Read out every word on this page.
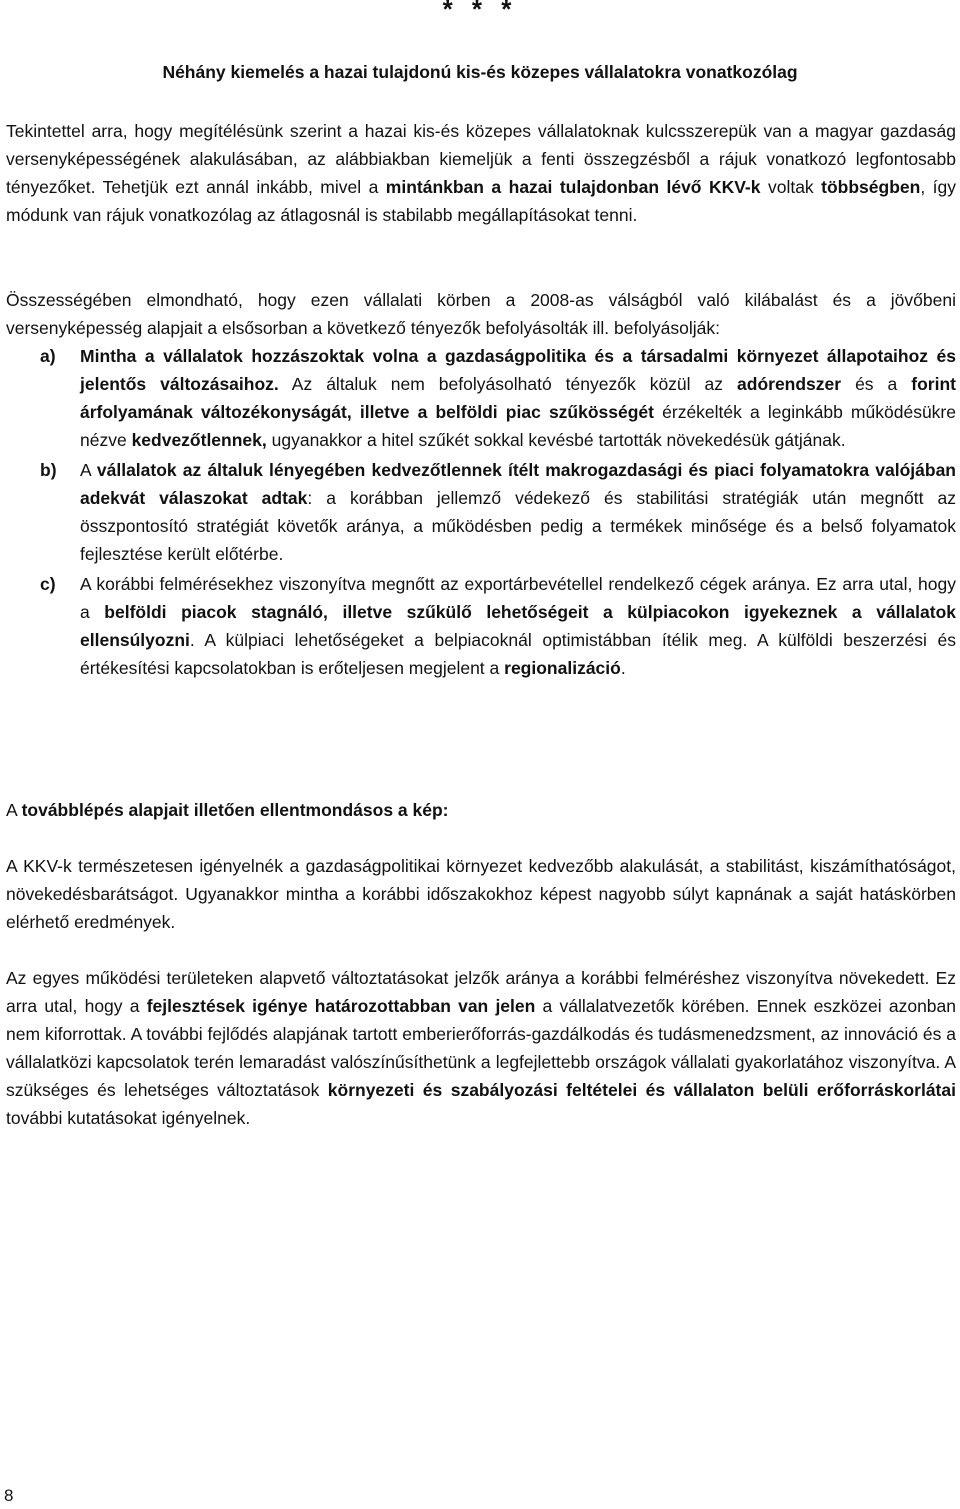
* * *
Néhány kiemelés a hazai tulajdonú kis-és közepes vállalatokra vonatkozólag

Tekintettel arra, hogy megítélésünk szerint a hazai kis-és közepes vállalatoknak kulcsszerepük van a magyar gazdaság versenyképességének alakulásában, az alábbiakban kiemeljük a fenti összegzésből a rájuk vonatkozó legfontosabb tényezőket. Tehetjük ezt annál inkább, mivel a mintánkban a hazai tulajdonban lévő KKV-k voltak többségben, így módunk van rájuk vonatkozólag az átlagosnál is stabilabb megállapításokat tenni.

Összességében elmondható, hogy ezen vállalati körben a 2008-as válságból való kilábalást és a jövőbeni versenyképesség alapjait a elsősorban a következő tényezők befolyásolták ill. befolyásolják:

a) Mintha a vállalatok hozzászoktak volna a gazdaságpolitika és a társadalmi környezet állapotaihoz és jelentős változásaihoz. Az általuk nem befolyásolható tényezők közül az adórendszer és a forint árfolyamának változékonyságát, illetve a belföldi piac szűkösségét érzékelték a leginkább működésükre nézve kedvezőtlennek, ugyanakkor a hitel szűkét sokkal kevésbé tartották növekedésük gátjának.
b) A vállalatok az általuk lényegében kedvezőtlennek ítélt makrogazdasági és piaci folyamatokra valójában adekvát válaszokat adtak: a korábban jellemző védekező és stabilitási stratégiák után megnőtt az összpontosító stratégiát követők aránya, a működésben pedig a termékek minősége és a belső folyamatok fejlesztése került előtérbe.
c) A korábbi felmérésekhez viszonyítva megnőtt az exportárbevétellel rendelkező cégek aránya. Ez arra utal, hogy a belföldi piacok stagnáló, illetve szűkülő lehetőségeit a külpiacokon igyekeznek a vállalatok ellensúlyozni. A külpiaci lehetőségeket a belpiacoknál optimistábban ítélik meg. A külföldi beszerzési és értékesítési kapcsolatokban is erőteljesen megjelent a regionalizáció.

A továbblépés alapjait illetően ellentmondásos a kép:

A KKV-k természetesen igényelnék a gazdaságpolitikai környezet kedvezőbb alakulását, a stabilitást, kiszámíthatóságot, növekedésbarátságot. Ugyanakkor mintha a korábbi időszakokhoz képest nagyobb súlyt kapnának a saját hatáskörben elérhető eredmények.

Az egyes működési területeken alapvető változtatásokat jelzők aránya a korábbi felméréshez viszonyítva növekedett. Ez arra utal, hogy a fejlesztések igénye határozottabban van jelen a vállalatvezetők körében. Ennek eszközei azonban nem kiforrottak. A további fejlődés alapjának tartott emberierőforrás-gazdálkodás és tudásmenedzsment, az innováció és a vállalatközi kapcsolatok terén lemaradást valószínűsíthetünk a legfejlettebb országok vállalati gyakorlatához viszonyítva. A szükséges és lehetséges változtatások környezeti és szabályozási feltételei és vállalaton belüli erőforráskorlátai további kutatásokat igényelnek.

8
